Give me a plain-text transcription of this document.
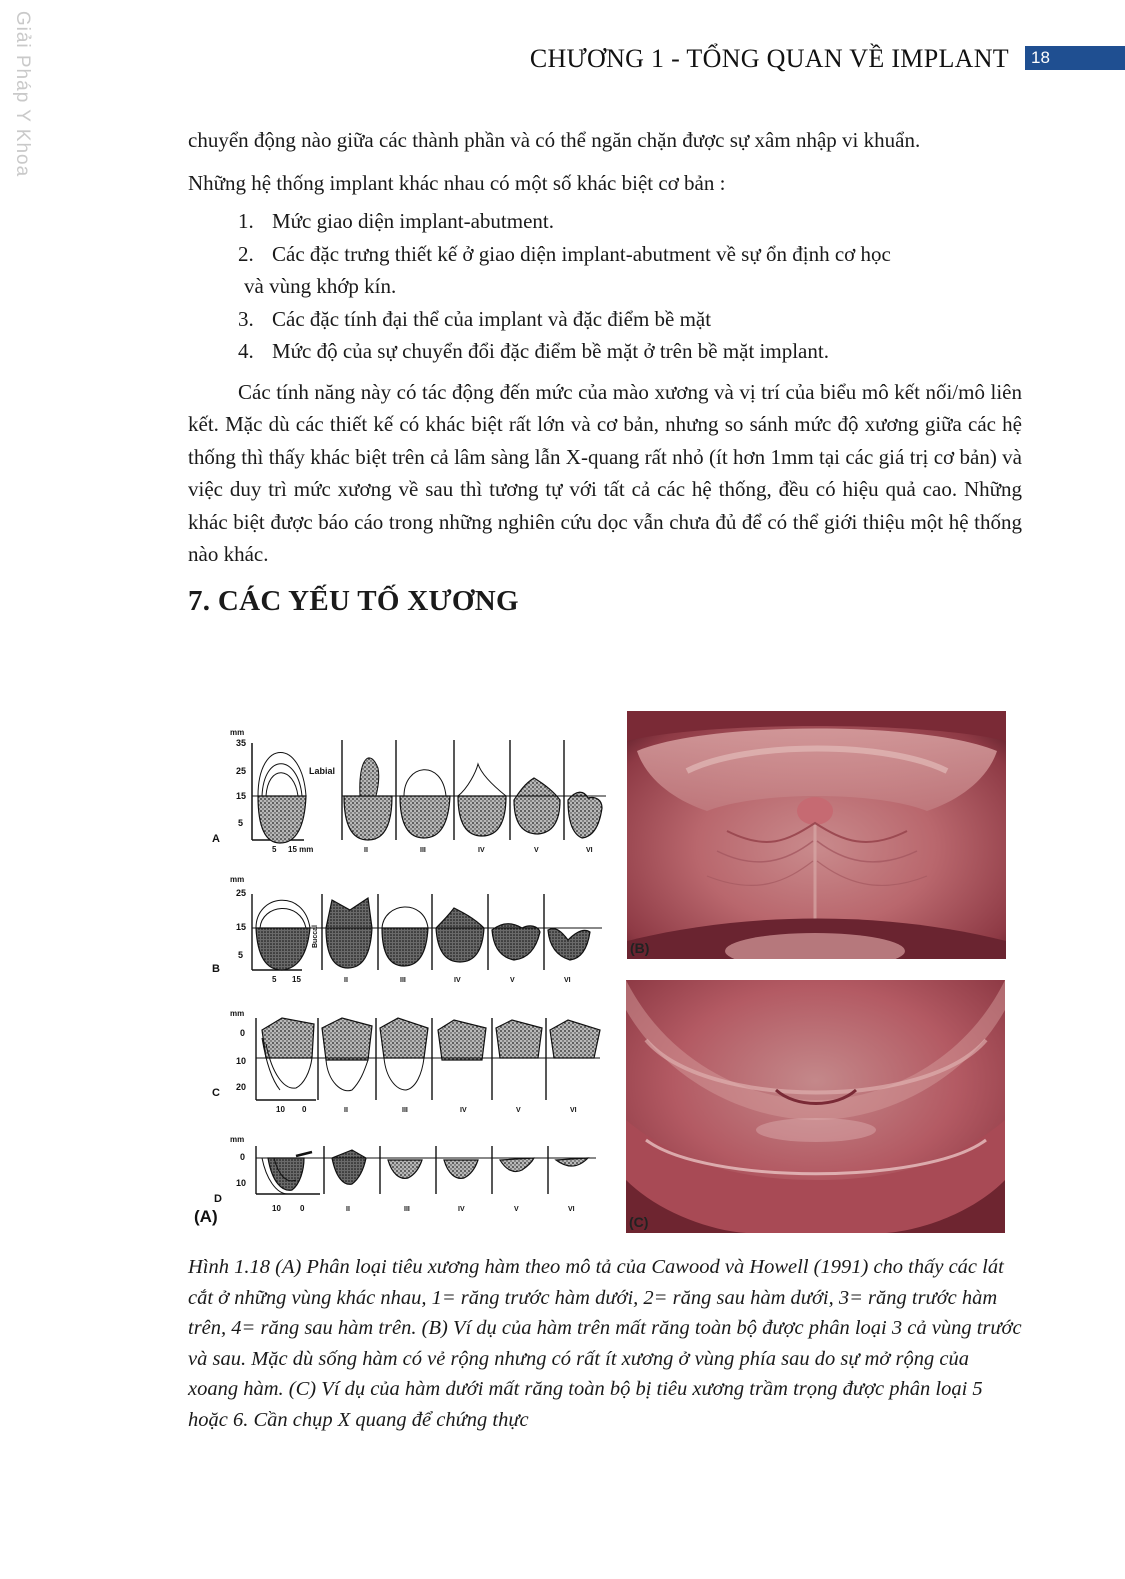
Giải Pháp Y Khoa	CHƯƠNG 1 - TỔNG QUAN VỀ IMPLANT	18

chuyển động nào giữa các thành phần và có thể ngăn chặn được sự xâm nhập vi khuẩn.

Những hệ thống implant khác nhau có một số khác biệt cơ bản :

1. Mức giao diện implant-abutment.
2. Các đặc trưng thiết kế ở giao diện implant-abutment về sự ổn định cơ học
và vùng khớp kín.
3. Các đặc tính đại thể của implant và đặc điểm bề mặt
4. Mức độ của sự chuyển đổi đặc điểm bề mặt ở trên bề mặt implant.

Các tính năng này có tác động đến mức của mào xương và vị trí của biểu mô kết nối/mô liên kết. Mặc dù các thiết kế có khác biệt rất lớn và cơ bản, nhưng so sánh mức độ xương giữa các hệ thống thì thấy khác biệt trên cả lâm sàng lẫn X-quang rất nhỏ (ít hơn 1mm tại các giá trị cơ bản) và việc duy trì mức xương về sau thì tương tự với tất cả các hệ thống, đều có hiệu quả cao. Những khác biệt được báo cáo trong những nghiên cứu dọc vẫn chưa đủ để có thể giới thiệu một hệ thống nào khác.

7. CÁC YẾU TỐ XƯƠNG
mm
35
25
15
5
A
Labial
5 15 mm	II	III	IV	V	VI
mm
25
15
5
B
Buccal
5 15	II	III	IV	V	VI
mm
0
10
20
C
10 0	II	III	IV	V	VI
mm
0
10
D
10 0	II	III	IV	V	VI
(A)
(B)
(C)
Hình 1.18 (A) Phân loại tiêu xương hàm theo mô tả của Cawood và Howell (1991) cho thấy các lát cắt ở những vùng khác nhau, 1= răng trước hàm dưới, 2= răng sau hàm dưới, 3= răng trước hàm trên, 4= răng sau hàm trên. (B) Ví dụ của hàm trên mất răng toàn bộ được phân loại 3 cả vùng trước và sau. Mặc dù sống hàm có vẻ rộng nhưng có rất ít xương ở vùng phía sau do sự mở rộng của xoang hàm. (C) Ví dụ của hàm dưới mất răng toàn bộ bị tiêu xương trầm trọng được phân loại 5 hoặc 6. Cần chụp X quang để chứng thực
